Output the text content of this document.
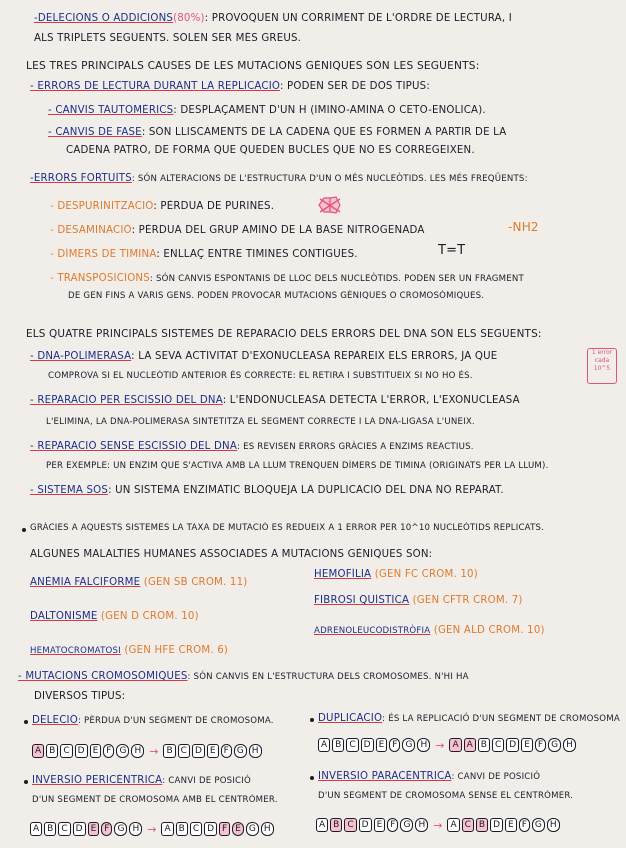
-DELECIONS O ADDICIONS(80%): PROVOQUEN UN CORRIMENT DE L'ORDRE DE LECTURA, I
ALS TRIPLETS SEGÜENTS. SOLEN SER MÉS GREUS.
LES TRES PRINCIPALS CAUSES DE LES MUTACIONS GÈNIQUES SÓN LES SEGÜENTS:
- ERRORS DE LECTURA DURANT LA REPLICACIÓ: PODEN SER DE DOS TIPUS:
- CANVIS TAUTOMÈRICS: DESPLAÇAMENT D'UN H (IMINO-AMINA O CETO-ENÒLICA).
- CANVIS DE FASE: SÓN LLISCAMENTS DE LA CADENA QUE ES FORMEN A PARTIR DE LA
CADENA PATRÓ, DE FORMA QUE QUEDEN BUCLES QUE NO ES CORREGEIXEN.
-ERRORS FORTUÏTS: SÓN ALTERACIONS DE L'ESTRUCTURA D'UN O MÉS NUCLEÒTIDS. LES MÉS FREQÜENTS:
- DESPURINITZACIÓ: PÈRDUA DE PURINES.
- DESAMINACIÓ: PÈRDUA DEL GRUP AMINO DE LA BASE NITROGENADA	-NH2
- DÍMERS DE TIMINA: ENLLAÇ ENTRE TIMINES CONTIGÜES.	T=T
- TRANSPOSICIONS: SÓN CANVIS ESPONTANIS DE LLOC DELS NUCLEÒTIDS. PODEN SER UN FRAGMENT
DE GEN FINS A VARIS GENS. PODEN PROVOCAR MUTACIONS GÈNIQUES O CROMOSÒMIQUES.
ELS QUATRE PRINCIPALS SISTEMES DE REPARACIÓ DELS ERRORS DEL DNA SÓN ELS SEGÜENTS:
- DNA-POLIMERASA: LA SEVA ACTIVITAT D'EXONUCLEASA REPAREIX ELS ERRORS, JA QUE
COMPROVA SI EL NUCLEÒTID ANTERIOR ÉS CORRECTE: EL RETIRA I SUBSTITUEIX SI NO HO ÉS.
1 error cada 10^5
- REPARACIÓ PER ESCISSIÓ DEL DNA: L'ENDONUCLEASA DETECTA L'ERROR, L'EXONUCLEASA
L'ELIMINA, LA DNA-POLIMERASA SINTETITZA EL SEGMENT CORRECTE I LA DNA-LIGASA L'UNEIX.
- REPARACIÓ SENSE ESCISSIÓ DEL DNA: ES REVISEN ERRORS GRÀCIES A ENZIMS REACTIUS.
PER EXEMPLE: UN ENZIM QUE S'ACTIVA AMB LA LLUM TRENQUEN DÍMERS DE TIMINA (ORIGINATS PER LA LLUM).
- SISTEMA SOS: UN SISTEMA ENZIMÀTIC BLOQUEJA LA DUPLICACIÓ DEL DNA NO REPARAT.
GRÀCIES A AQUESTS SISTEMES LA TAXA DE MUTACIÓ ES REDUEIX A 1 ERROR PER 10^10 NUCLEÒTIDS REPLICATS.
ALGUNES MALALTIES HUMANES ASSOCIADES A MUTACIONS GÈNIQUES SÓN:
ANÈMIA FALCIFORME (GEN SB CROM. 11)
HEMOFÍLIA (GEN FC CROM. 10)
DALTONISME (GEN D CROM. 10)
FIBROSI QUÍSTICA (GEN CFTR CROM. 7)
HEMATOCROMATOSI (GEN HFE CROM. 6)
ADRENOLEUCODISTRÒFIA (GEN ALD CROM. 10)
- MUTACIONS CROMOSÒMIQUES: SÓN CANVIS EN L'ESTRUCTURA DELS CROMOSOMES. N'HI HA
DIVERSOS TIPUS:
DELECIÓ: PÈRDUA D'UN SEGMENT DE CROMOSOMA.	DUPLICACIÓ: ÉS LA REPLICACIÓ D'UN SEGMENT DE CROMOSOMA
A B C D E F G H → B C D E F G H
A B C D E F G H → A A B C D E F G H
INVERSIÓ PERICÈNTRICA: CANVI DE POSICIÓ
D'UN SEGMENT DE CROMOSOMA AMB EL CENTRÒMER.
INVERSIÓ PARACÈNTRICA: CANVI DE POSICIÓ
D'UN SEGMENT DE CROMOSOMA SENSE EL CENTRÒMER.
A B C D E F G H → A B C D F E G H	A B C D E F G H → A C B D E F G H
